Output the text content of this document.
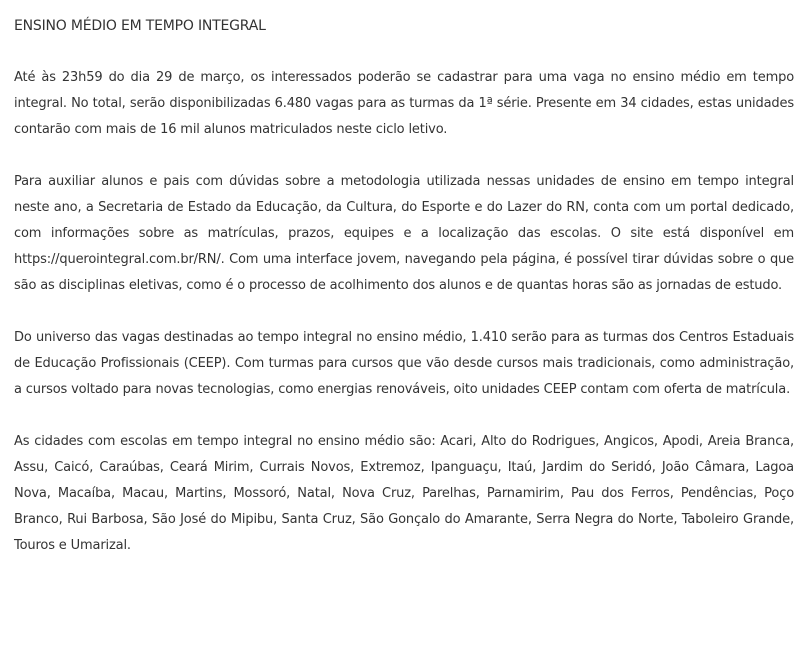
ENSINO MÉDIO EM TEMPO INTEGRAL

Até às 23h59 do dia 29 de março, os interessados poderão se cadastrar para uma vaga no ensino médio em tempo integral. No total, serão disponibilizadas 6.480 vagas para as turmas da 1ª série. Presente em 34 cidades, estas unidades contarão com mais de 16 mil alunos matriculados neste ciclo letivo.

Para auxiliar alunos e pais com dúvidas sobre a metodologia utilizada nessas unidades de ensino em tempo integral neste ano, a Secretaria de Estado da Educação, da Cultura, do Esporte e do Lazer do RN, conta com um portal dedicado, com informações sobre as matrículas, prazos, equipes e a localização das escolas. O site está disponível em https://querointegral.com.br/RN/. Com uma interface jovem, navegando pela página, é possível tirar dúvidas sobre o que são as disciplinas eletivas, como é o processo de acolhimento dos alunos e de quantas horas são as jornadas de estudo.

Do universo das vagas destinadas ao tempo integral no ensino médio, 1.410 serão para as turmas dos Centros Estaduais de Educação Profissionais (CEEP). Com turmas para cursos que vão desde cursos mais tradicionais, como administração, a cursos voltado para novas tecnologias, como energias renováveis, oito unidades CEEP contam com oferta de matrícula.

As cidades com escolas em tempo integral no ensino médio são: Acari, Alto do Rodrigues, Angicos, Apodi, Areia Branca, Assu, Caicó, Caraúbas, Ceará Mirim, Currais Novos, Extremoz, Ipanguaçu, Itaú, Jardim do Seridó, João Câmara, Lagoa Nova, Macaíba, Macau, Martins, Mossoró, Natal, Nova Cruz, Parelhas, Parnamirim, Pau dos Ferros, Pendências, Poço Branco, Rui Barbosa, São José do Mipibu, Santa Cruz, São Gonçalo do Amarante, Serra Negra do Norte, Taboleiro Grande, Touros e Umarizal.
